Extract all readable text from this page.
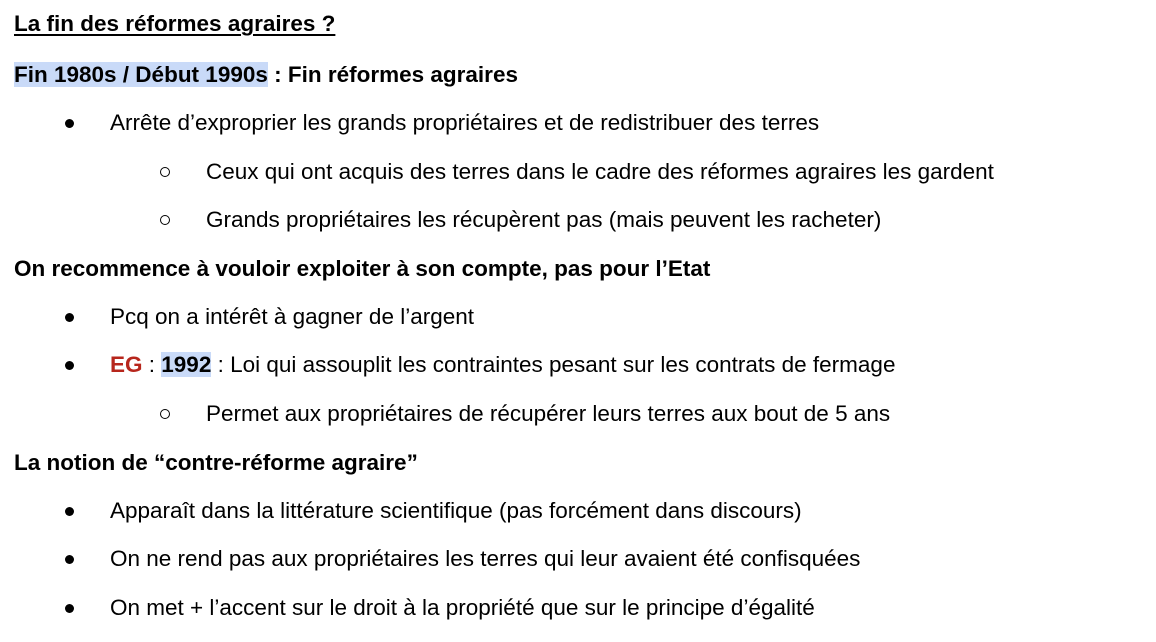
La fin des réformes agraires ?
Fin 1980s / Début 1990s : Fin réformes agraires
Arrête d’exproprier les grands propriétaires et de redistribuer des terres
Ceux qui ont acquis des terres dans le cadre des réformes agraires les gardent
Grands propriétaires les récupèrent pas (mais peuvent les racheter)
On recommence à vouloir exploiter à son compte, pas pour l’Etat
Pcq on a intérêt à gagner de l’argent
EG : 1992 : Loi qui assouplit les contraintes pesant sur les contrats de fermage
Permet aux propriétaires de récupérer leurs terres aux bout de 5 ans
La notion de “contre-réforme agraire”
Apparaît dans la littérature scientifique (pas forcément dans discours)
On ne rend pas aux propriétaires les terres qui leur avaient été confisquées
On met + l’accent sur le droit à la propriété que sur le principe d’égalité
